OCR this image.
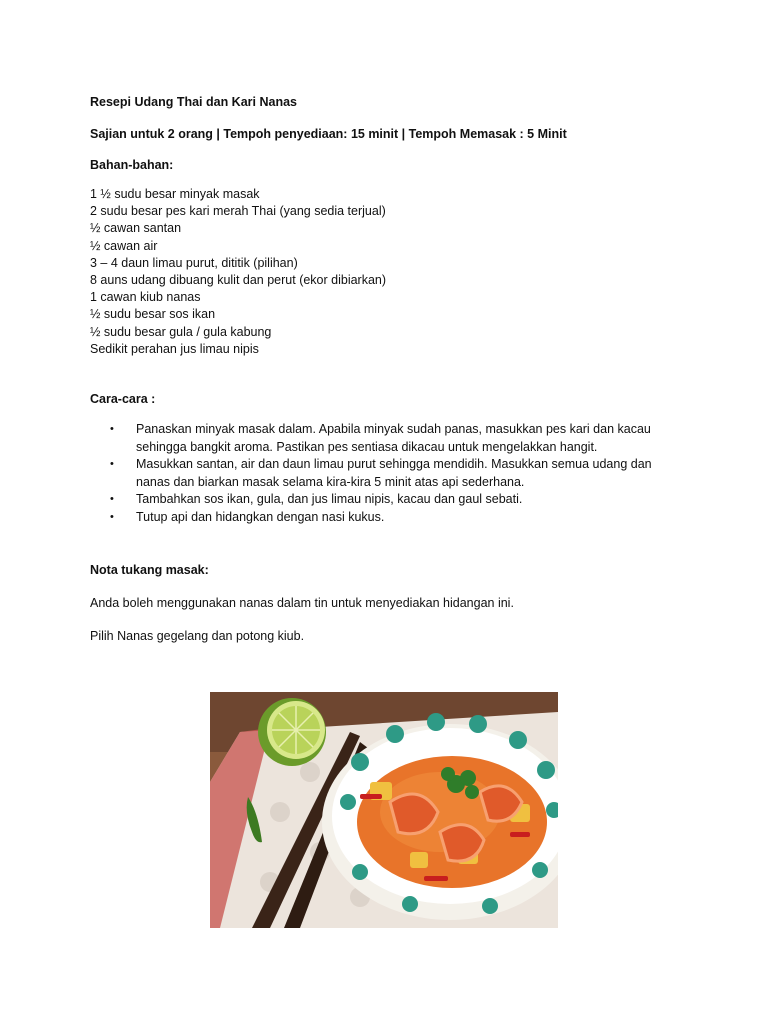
Resepi Udang Thai dan Kari Nanas
Sajian untuk 2 orang | Tempoh penyediaan: 15 minit | Tempoh Memasak : 5 Minit
Bahan-bahan:
1 ½ sudu besar minyak masak
2 sudu besar pes kari merah Thai (yang sedia terjual)
½ cawan santan
½ cawan air
3 – 4 daun limau purut, dititik (pilihan)
8 auns udang dibuang kulit dan perut (ekor dibiarkan)
1 cawan kiub nanas
½ sudu besar sos ikan
½ sudu besar gula / gula kabung
Sedikit perahan jus limau nipis
Cara-cara :
• Panaskan minyak masak dalam. Apabila minyak sudah panas, masukkan pes kari dan kacau sehingga bangkit aroma. Pastikan pes sentiasa dikacau untuk mengelakkan hangit.
• Masukkan santan, air dan daun limau purut sehingga mendidih. Masukkan semua udang dan nanas dan biarkan masak selama kira-kira 5 minit atas api sederhana.
• Tambahkan sos ikan, gula, dan jus limau nipis, kacau dan gaul sebati.
• Tutup api dan hidangkan dengan nasi kukus.
Nota tukang masak:
Anda boleh menggunakan nanas dalam tin untuk menyediakan hidangan ini.
Pilih Nanas gegelang dan potong kiub.
